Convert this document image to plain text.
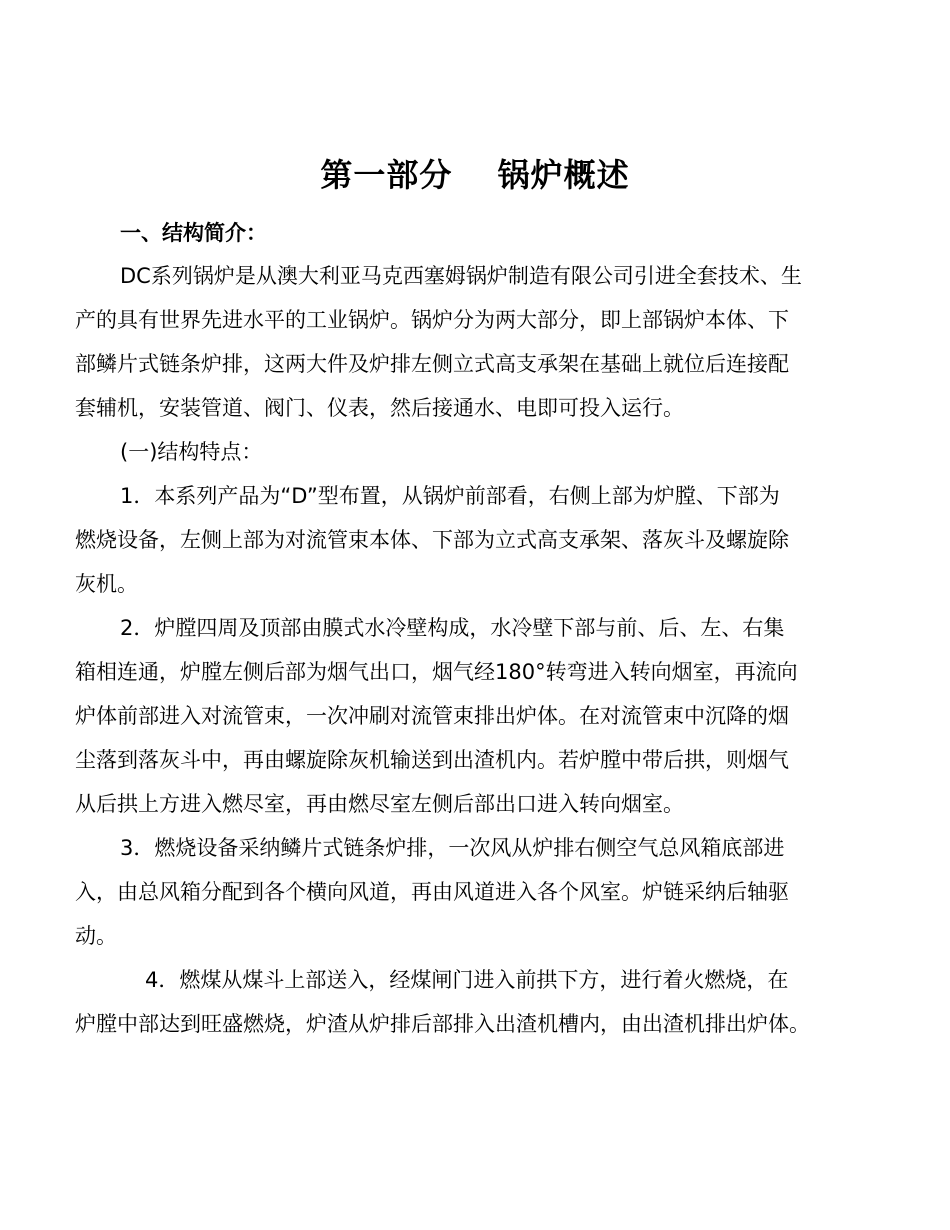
第一部分　 锅炉概述
一、结构简介：
DC系列锅炉是从澳大利亚马克西塞姆锅炉制造有限公司引进全套技术、生
产的具有世界先进水平的工业锅炉。锅炉分为两大部分，即上部锅炉本体、下
部鳞片式链条炉排，这两大件及炉排左侧立式高支承架在基础上就位后连接配
套辅机，安装管道、阀门、仪表，然后接通水、电即可投入运行。
(一)结构特点：
1．本系列产品为“D”型布置，从锅炉前部看，右侧上部为炉膛、下部为
燃烧设备，左侧上部为对流管束本体、下部为立式高支承架、落灰斗及螺旋除
灰机。
2．炉膛四周及顶部由膜式水冷壁构成，水冷壁下部与前、后、左、右集
箱相连通，炉膛左侧后部为烟气出口，烟气经180°转弯进入转向烟室，再流向
炉体前部进入对流管束，一次冲刷对流管束排出炉体。在对流管束中沉降的烟
尘落到落灰斗中，再由螺旋除灰机输送到出渣机内。若炉膛中带后拱，则烟气
从后拱上方进入燃尽室，再由燃尽室左侧后部出口进入转向烟室。
3．燃烧设备采纳鳞片式链条炉排，一次风从炉排右侧空气总风箱底部进
入，由总风箱分配到各个横向风道，再由风道进入各个风室。炉链采纳后轴驱
动。
4．燃煤从煤斗上部送入，经煤闸门进入前拱下方，进行着火燃烧，在
炉膛中部达到旺盛燃烧，炉渣从炉排后部排入出渣机槽内，由出渣机排出炉体。
